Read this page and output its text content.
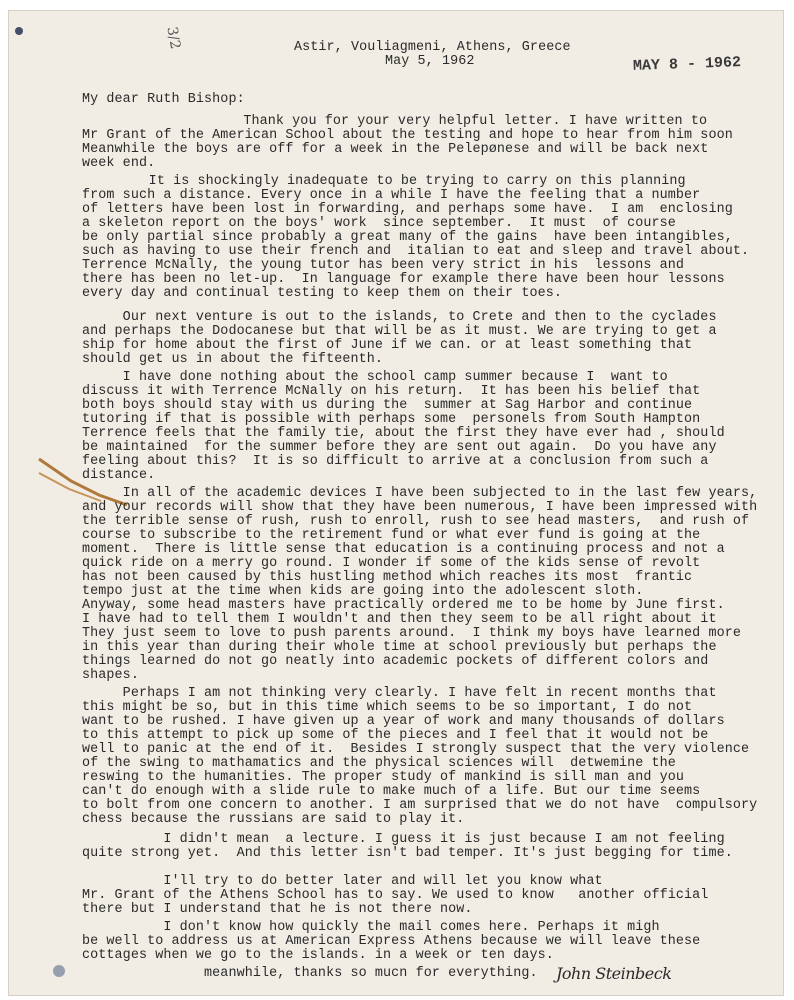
3/2	Astir, Vouliagmeni, Athens, Greece
May 5, 1962	MAY 8 - 1962
My dear Ruth Bishop:
Thank you for your very helpful letter. I have written to
Mr Grant of the American School about the testing and hope to hear from him soon
Meanwhile the boys are off for a week in the Pelepønese and will be back next
week end.
It is shockingly inadequate to be trying to carry on this planning
from such a distance. Every once in a while I have the feeling that a number
of letters have been lost in forwarding, and perhaps some have.  I am  enclosing
a skeleton report on the boys' work  since september.  It must  of course
be only partial since probably a great many of the gains  have been intangibles,
such as having to use their french and  italian to eat and sleep and travel about.
Terrence McNally, the young tutor has been very strict in his  lessons and
there has been no let-up.  In language for example there have been hour lessons
every day and continual testing to keep them on their toes.
Our next venture is out to the islands, to Crete and then to the cyclades
and perhaps the Dodocanese but that will be as it must. We are trying to get a
ship for home about the first of June if we can. or at least something that
should get us in about the fifteenth.
I have done nothing about the school camp summer because I  want to
discuss it with Terrence McNally on his returŋ.  It has been his belief that
both boys should stay with us during the  summer at Sag Harbor and continue
tutoring if that is possible with perhaps some  personels from South Hampton
Terrence feels that the family tie, about the first they have ever had , should
be maintained  for the summer before they are sent out again.  Do you have any
feeling about this?  It is so difficult to arrive at a conclusion from such a
distance.
In all of the academic devices I have been subjected to in the last few years,
and your records will show that they have been numerous, I have been impressed with
the terrible sense of rush, rush to enroll, rush to see head masters,  and rush of
course to subscribe to the retirement fund or what ever fund is going at the
moment.  There is little sense that education is a continuing process and not a
quick ride on a merry go round. I wonder if some of the kids sense of revolt
has not been caused by this hustling method which reaches its most  frantic
tempo just at the time when kids are going into the adolescent sloth.
Anyway, some head masters have practically ordered me to be home by June first.
I have had to tell them I wouldn't and then they seem to be all right about it
They just seem to love to push parents around.  I think my boys have learned more
in this year than during their whole time at school previously but perhaps the
things learned do not go neatly into academic pockets of different colors and
shapes.
Perhaps I am not thinking very clearly. I have felt in recent months that
this might be so, but in this time which seems to be so important, I do not
want to be rushed. I have given up a year of work and many thousands of dollars
to this attempt to pick up some of the pieces and I feel that it would not be
well to panic at the end of it.  Besides I strongly suspect that the very violence
of the swing to mathamatics and the physical sciences will  detwemine the
reswing to the humanities. The proper study of mankind is sill man and you
can't do enough with a slide rule to make much of a life. But our time seems
to bolt from one concern to another. I am surprised that we do not have  compulsory
chess because the russians are said to play it.
I didn't mean  a lecture. I guess it is just because I am not feeling
quite strong yet.  And this letter isn't bad temper. It's just begging for time.
I'll try to do better later and will let you know what
Mr. Grant of the Athens School has to say. We used to know   another official
there but I understand that he is not there now.
I don't know how quickly the mail comes here. Perhaps it migh
be well to address us at American Express Athens because we will leave these
cottages when we go to the islands. in a week or ten days.
meanwhile, thanks so mucn for everything. John Steinbeck
